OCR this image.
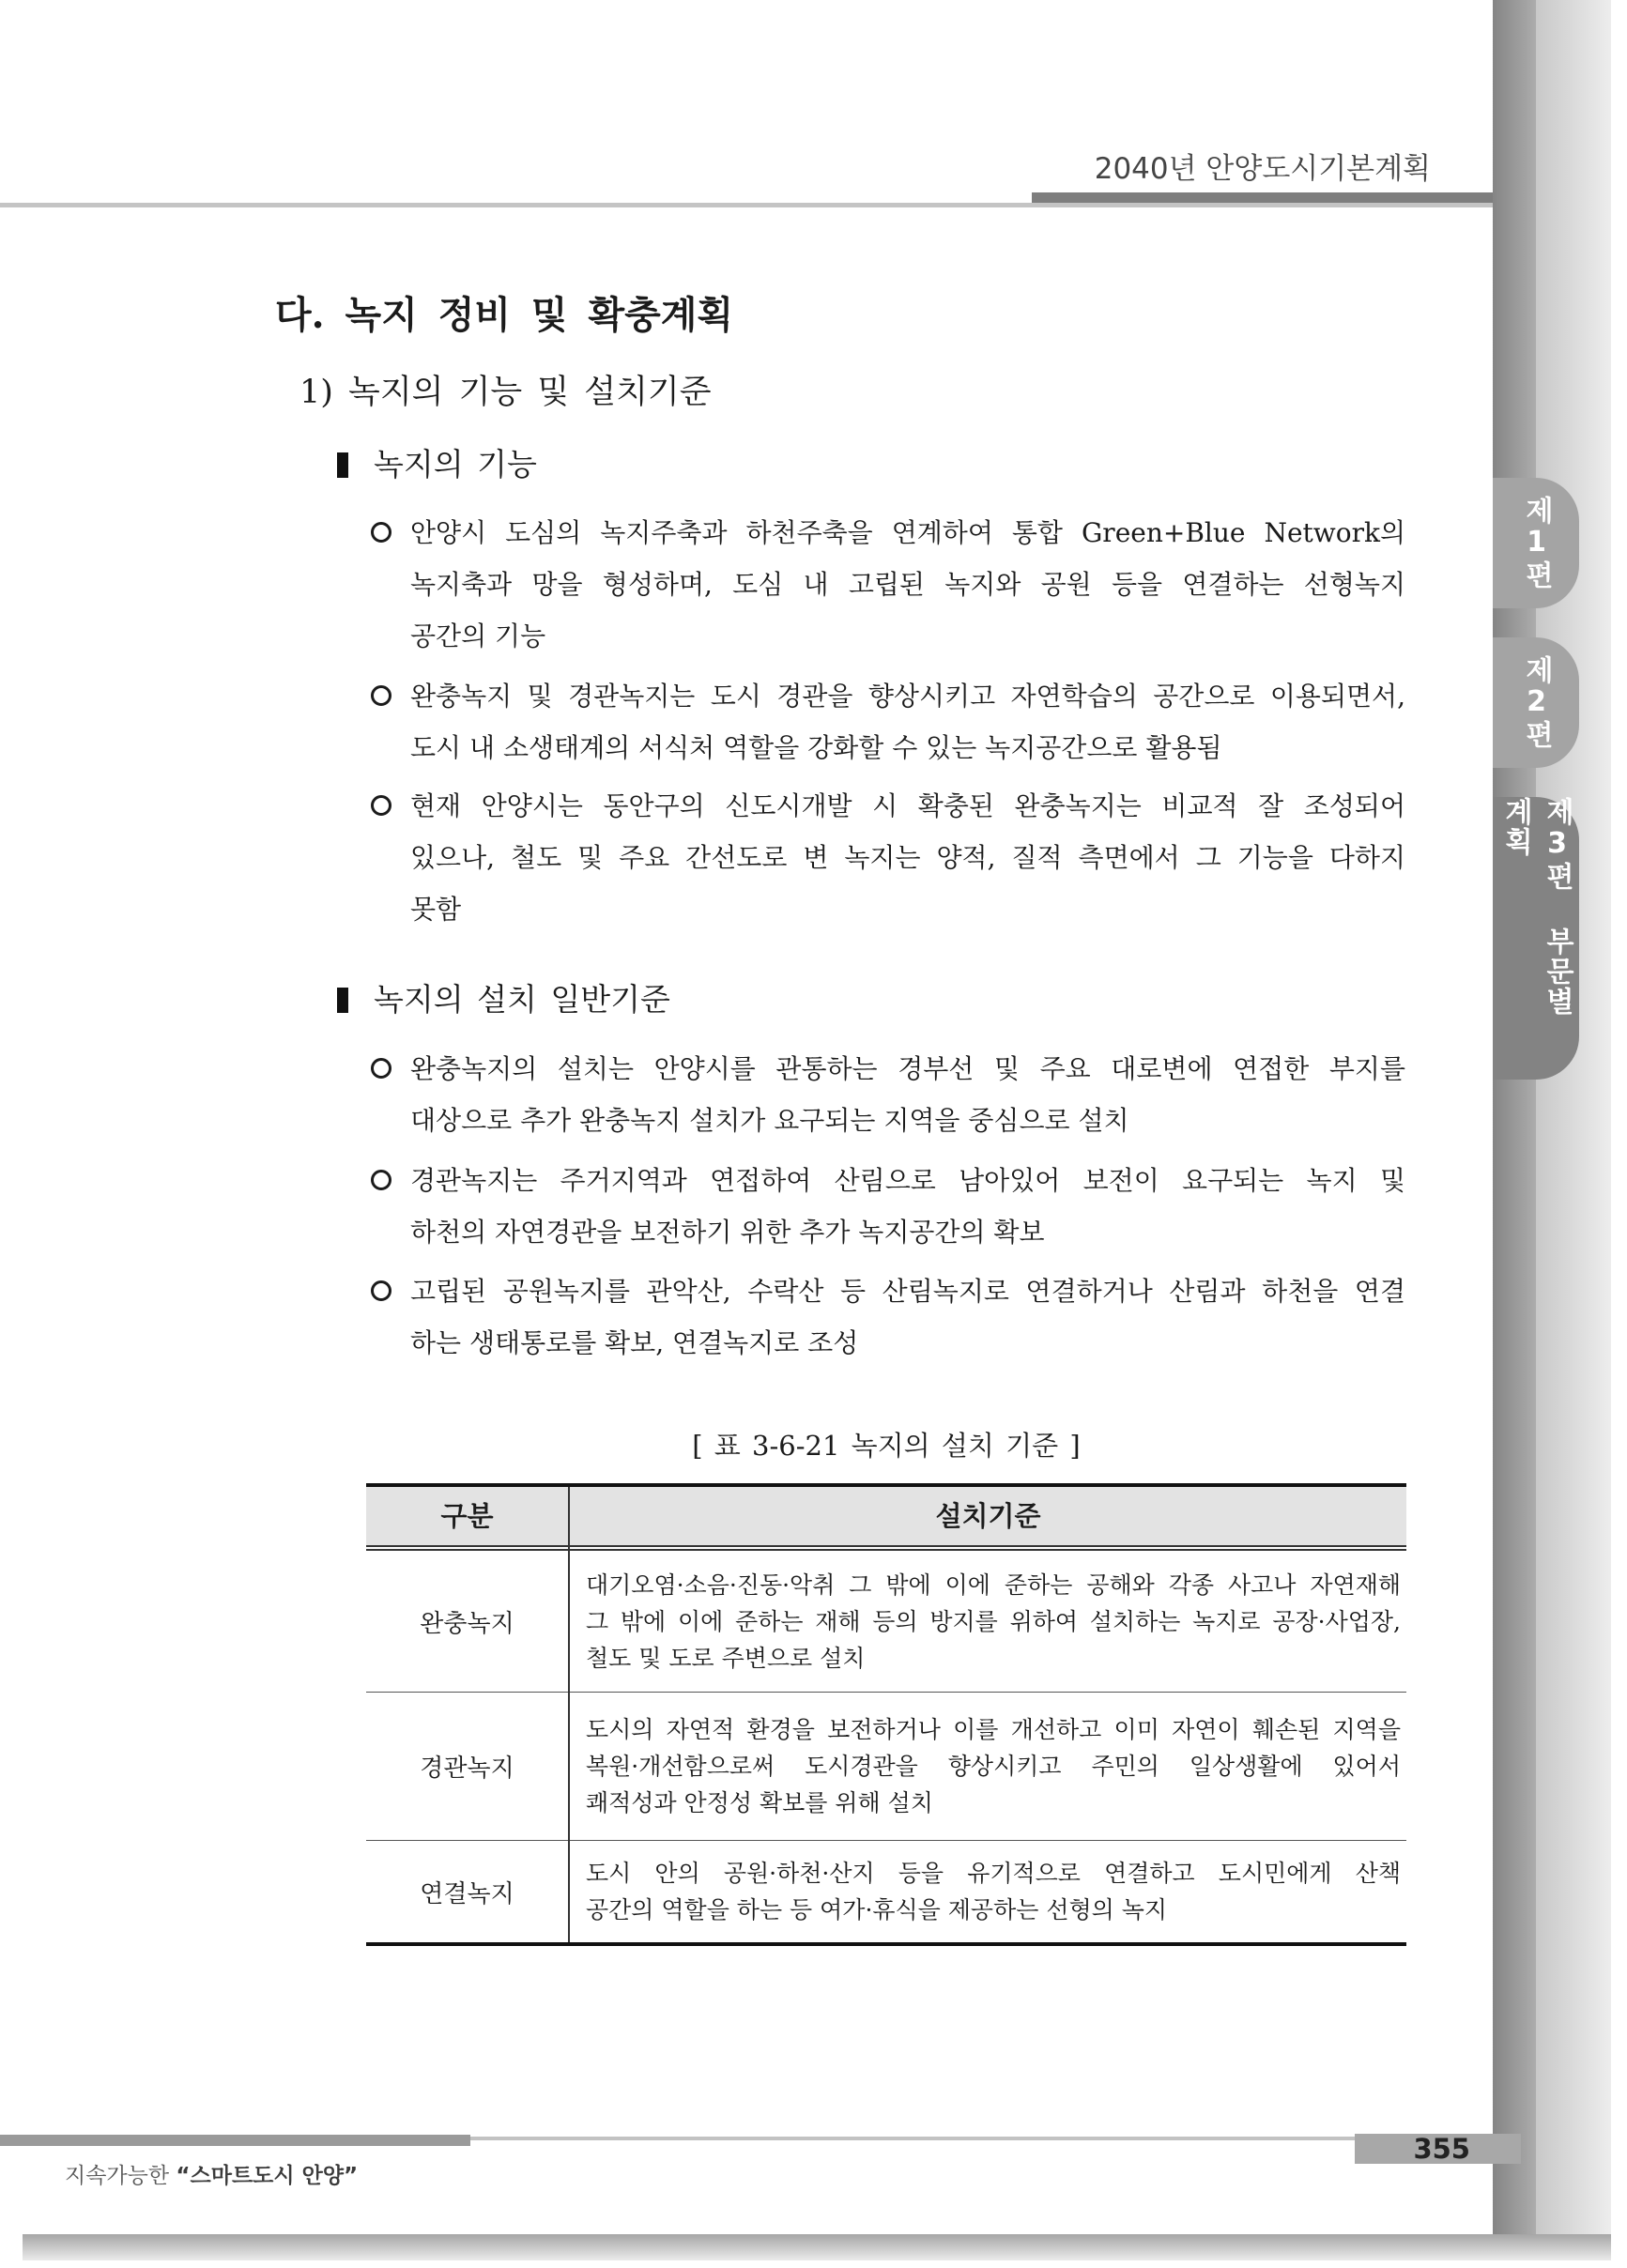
2040년 안양도시기본계획
다. 녹지 정비 및 확충계획
1) 녹지의 기능 및 설치기준
녹지의 기능
안양시 도심의 녹지주축과 하천주축을 연계하여 통합 Green+Blue Network의
녹지축과 망을 형성하며, 도심 내 고립된 녹지와 공원 등을 연결하는 선형녹지
공간의 기능
완충녹지 및 경관녹지는 도시 경관을 향상시키고 자연학습의 공간으로 이용되면서,
도시 내 소생태계의 서식처 역할을 강화할 수 있는 녹지공간으로 활용됨
현재 안양시는 동안구의 신도시개발 시 확충된 완충녹지는 비교적 잘 조성되어
있으나, 철도 및 주요 간선도로 변 녹지는 양적, 질적 측면에서 그 기능을 다하지
못함
녹지의 설치 일반기준
완충녹지의 설치는 안양시를 관통하는 경부선 및 주요 대로변에 연접한 부지를
대상으로 추가 완충녹지 설치가 요구되는 지역을 중심으로 설치
경관녹지는 주거지역과 연접하여 산림으로 남아있어 보전이 요구되는 녹지 및
하천의 자연경관을 보전하기 위한 추가 녹지공간의 확보
고립된 공원녹지를 관악산, 수락산 등 산림녹지로 연결하거나 산림과 하천을 연결
하는 생태통로를 확보, 연결녹지로 조성
[ 표 3-6-21 녹지의 설치 기준 ]
구분	설치기준
완충녹지
대기오염·소음·진동·악취 그 밖에 이에 준하는 공해와 각종 사고나 자연재해
그 밖에 이에 준하는 재해 등의 방지를 위하여 설치하는 녹지로 공장·사업장,
철도 및 도로 주변으로 설치
경관녹지
도시의 자연적 환경을 보전하거나 이를 개선하고 이미 자연이 훼손된 지역을
복원·개선함으로써 도시경관을 향상시키고 주민의 일상생활에 있어서
쾌적성과 안정성 확보를 위해 설치
연결녹지
도시 안의 공원·하천·산지 등을 유기적으로 연결하고 도시민에게 산책
공간의 역할을 하는 등 여가·휴식을 제공하는 선형의 녹지
제1편
제2편
제3편 부문별 계획
355
지속가능한 “스마트도시 안양”
